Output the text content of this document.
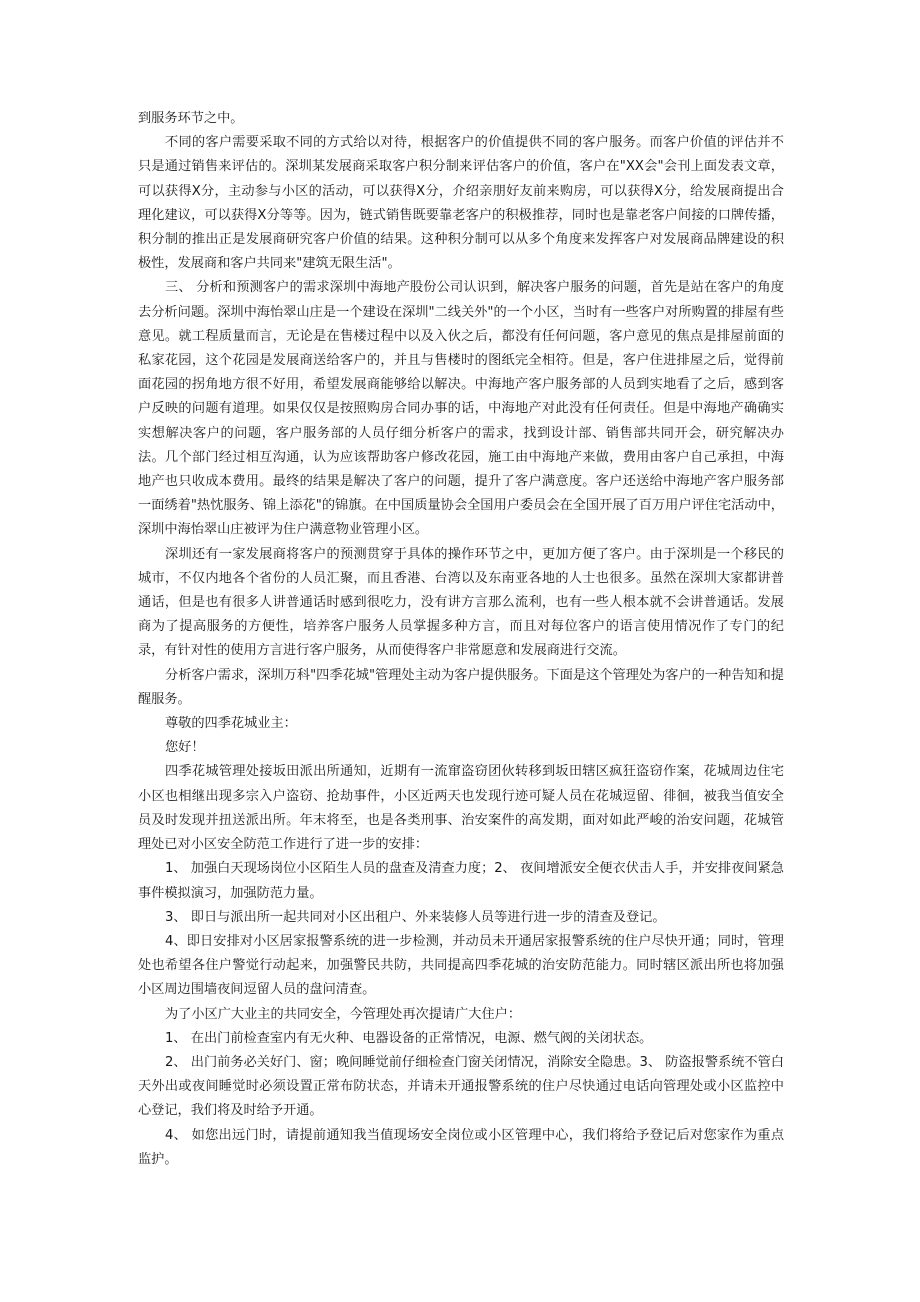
到服务环节之中。

不同的客户需要采取不同的方式给以对待，根据客户的价值提供不同的客户服务。而客户价值的评估并不只是通过销售来评估的。深圳某发展商采取客户积分制来评估客户的价值，客户在"XX会"会刊上面发表文章，可以获得X分，主动参与小区的活动，可以获得X分，介绍亲朋好友前来购房，可以获得X分，给发展商提出合理化建议，可以获得X分等等。因为，链式销售既要靠老客户的积极推荐，同时也是靠老客户间接的口牌传播，积分制的推出正是发展商研究客户价值的结果。这种积分制可以从多个角度来发挥客户对发展商品牌建设的积极性，发展商和客户共同来"建筑无限生活"。

三、 分析和预测客户的需求深圳中海地产股份公司认识到，解决客户服务的问题，首先是站在客户的角度去分析问题。深圳中海怡翠山庄是一个建设在深圳"二线关外"的一个小区，当时有一些客户对所购置的排屋有些意见。就工程质量而言，无论是在售楼过程中以及入伙之后，都没有任何问题，客户意见的焦点是排屋前面的私家花园，这个花园是发展商送给客户的，并且与售楼时的图纸完全相符。但是，客户住进排屋之后，觉得前面花园的拐角地方很不好用，希望发展商能够给以解决。中海地产客户服务部的人员到实地看了之后，感到客户反映的问题有道理。如果仅仅是按照购房合同办事的话，中海地产对此没有任何责任。但是中海地产确确实实想解决客户的问题，客户服务部的人员仔细分析客户的需求，找到设计部、销售部共同开会，研究解决办法。几个部门经过相互沟通，认为应该帮助客户修改花园，施工由中海地产来做，费用由客户自己承担，中海地产也只收成本费用。最终的结果是解决了客户的问题，提升了客户满意度。客户还送给中海地产客户服务部一面绣着"热忱服务、锦上添花"的锦旗。在中国质量协会全国用户委员会在全国开展了百万用户评住宅活动中，深圳中海怡翠山庄被评为住户满意物业管理小区。

深圳还有一家发展商将客户的预测贯穿于具体的操作环节之中，更加方便了客户。由于深圳是一个移民的城市，不仅内地各个省份的人员汇聚，而且香港、台湾以及东南亚各地的人士也很多。虽然在深圳大家都讲普通话，但是也有很多人讲普通话时感到很吃力，没有讲方言那么流利，也有一些人根本就不会讲普通话。发展商为了提高服务的方便性，培养客户服务人员掌握多种方言，而且对每位客户的语言使用情况作了专门的纪录，有针对性的使用方言进行客户服务，从而使得客户非常愿意和发展商进行交流。

分析客户需求，深圳万科"四季花城"管理处主动为客户提供服务。下面是这个管理处为客户的一种告知和提醒服务。

尊敬的四季花城业主：

您好！

四季花城管理处接坂田派出所通知，近期有一流窜盗窃团伙转移到坂田辖区疯狂盗窃作案，花城周边住宅小区也相继出现多宗入户盗窃、抢劫事件，小区近两天也发现行迹可疑人员在花城逗留、徘徊，被我当值安全员及时发现并扭送派出所。年末将至，也是各类刑事、治安案件的高发期，面对如此严峻的治安问题，花城管理处已对小区安全防范工作进行了进一步的安排：

1、 加强白天现场岗位小区陌生人员的盘查及清查力度；2、 夜间增派安全便衣伏击人手，并安排夜间紧急事件模拟演习，加强防范力量。

3、 即日与派出所一起共同对小区出租户、外来装修人员等进行进一步的清查及登记。

4、即日安排对小区居家报警系统的进一步检测，并动员未开通居家报警系统的住户尽快开通；同时，管理处也希望各住户警觉行动起来，加强警民共防，共同提高四季花城的治安防范能力。同时辖区派出所也将加强小区周边围墙夜间逗留人员的盘问清查。

为了小区广大业主的共同安全，今管理处再次提请广大住户：

1、 在出门前检查室内有无火种、电器设备的正常情况，电源、燃气阀的关闭状态。

2、 出门前务必关好门、窗；晚间睡觉前仔细检查门窗关闭情况，消除安全隐患。3、 防盗报警系统不管白天外出或夜间睡觉时必须设置正常布防状态，并请未开通报警系统的住户尽快通过电话向管理处或小区监控中心登记，我们将及时给予开通。

4、 如您出远门时，请提前通知我当值现场安全岗位或小区管理中心，我们将给予登记后对您家作为重点监护。
